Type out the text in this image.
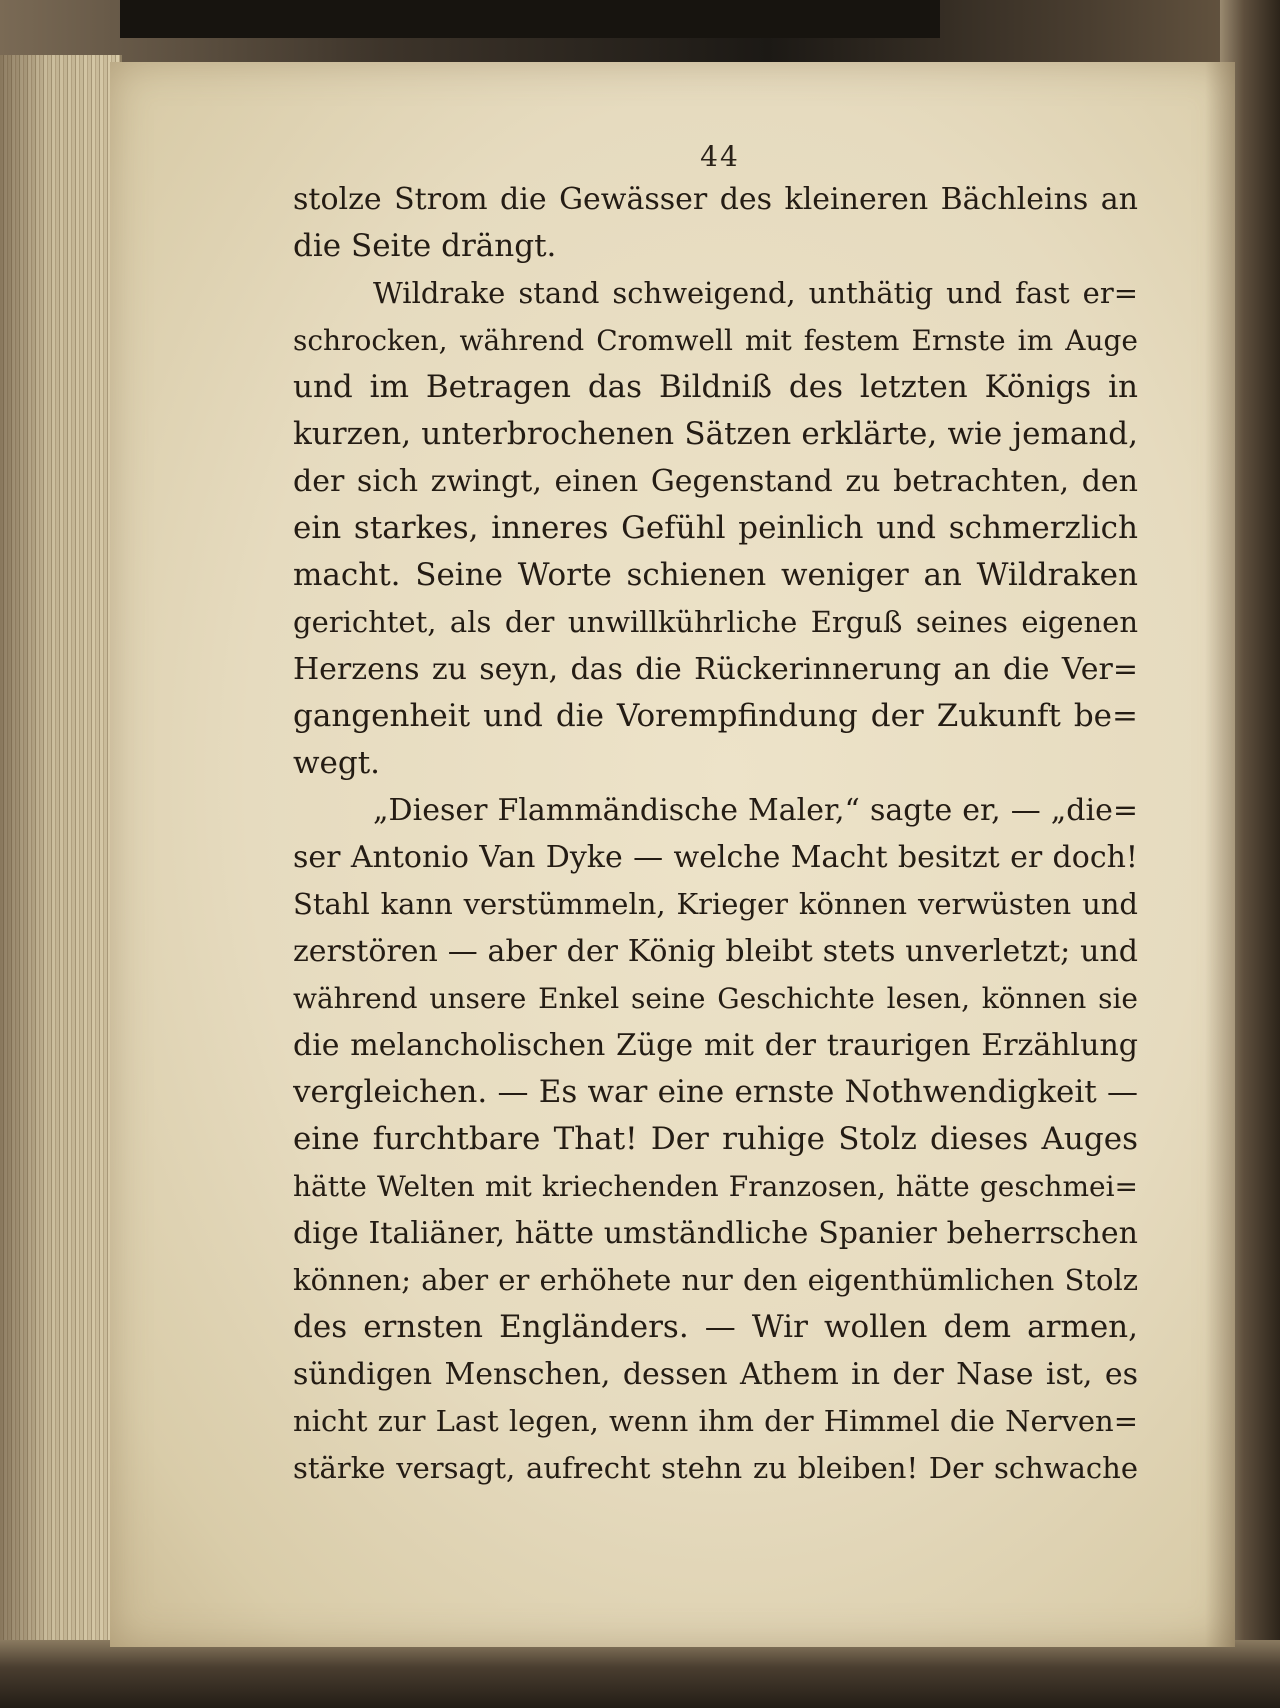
44

stolze Strom die Gewässer des kleineren Bächleins an
die Seite drängt.
Wildrake stand schweigend, unthätig und fast er=
schrocken, während Cromwell mit festem Ernste im Auge
und im Betragen das Bildniß des letzten Königs in
kurzen, unterbrochenen Sätzen erklärte, wie jemand,
der sich zwingt, einen Gegenstand zu betrachten, den
ein starkes, inneres Gefühl peinlich und schmerzlich
macht. Seine Worte schienen weniger an Wildraken
gerichtet, als der unwillkührliche Erguß seines eigenen
Herzens zu seyn, das die Rückerinnerung an die Ver=
gangenheit und die Vorempfindung der Zukunft be=
wegt.
„Dieser Flammändische Maler,“ sagte er, — „die=
ser Antonio Van Dyke — welche Macht besitzt er doch!
Stahl kann verstümmeln, Krieger können verwüsten und
zerstören — aber der König bleibt stets unverletzt; und
während unsere Enkel seine Geschichte lesen, können sie
die melancholischen Züge mit der traurigen Erzählung
vergleichen. — Es war eine ernste Nothwendigkeit —
eine furchtbare That! Der ruhige Stolz dieses Auges
hätte Welten mit kriechenden Franzosen, hätte geschmei=
dige Italiäner, hätte umständliche Spanier beherrschen
können; aber er erhöhete nur den eigenthümlichen Stolz
des ernsten Engländers. — Wir wollen dem armen,
sündigen Menschen, dessen Athem in der Nase ist, es
nicht zur Last legen, wenn ihm der Himmel die Nerven=
stärke versagt, aufrecht stehn zu bleiben! Der schwache
